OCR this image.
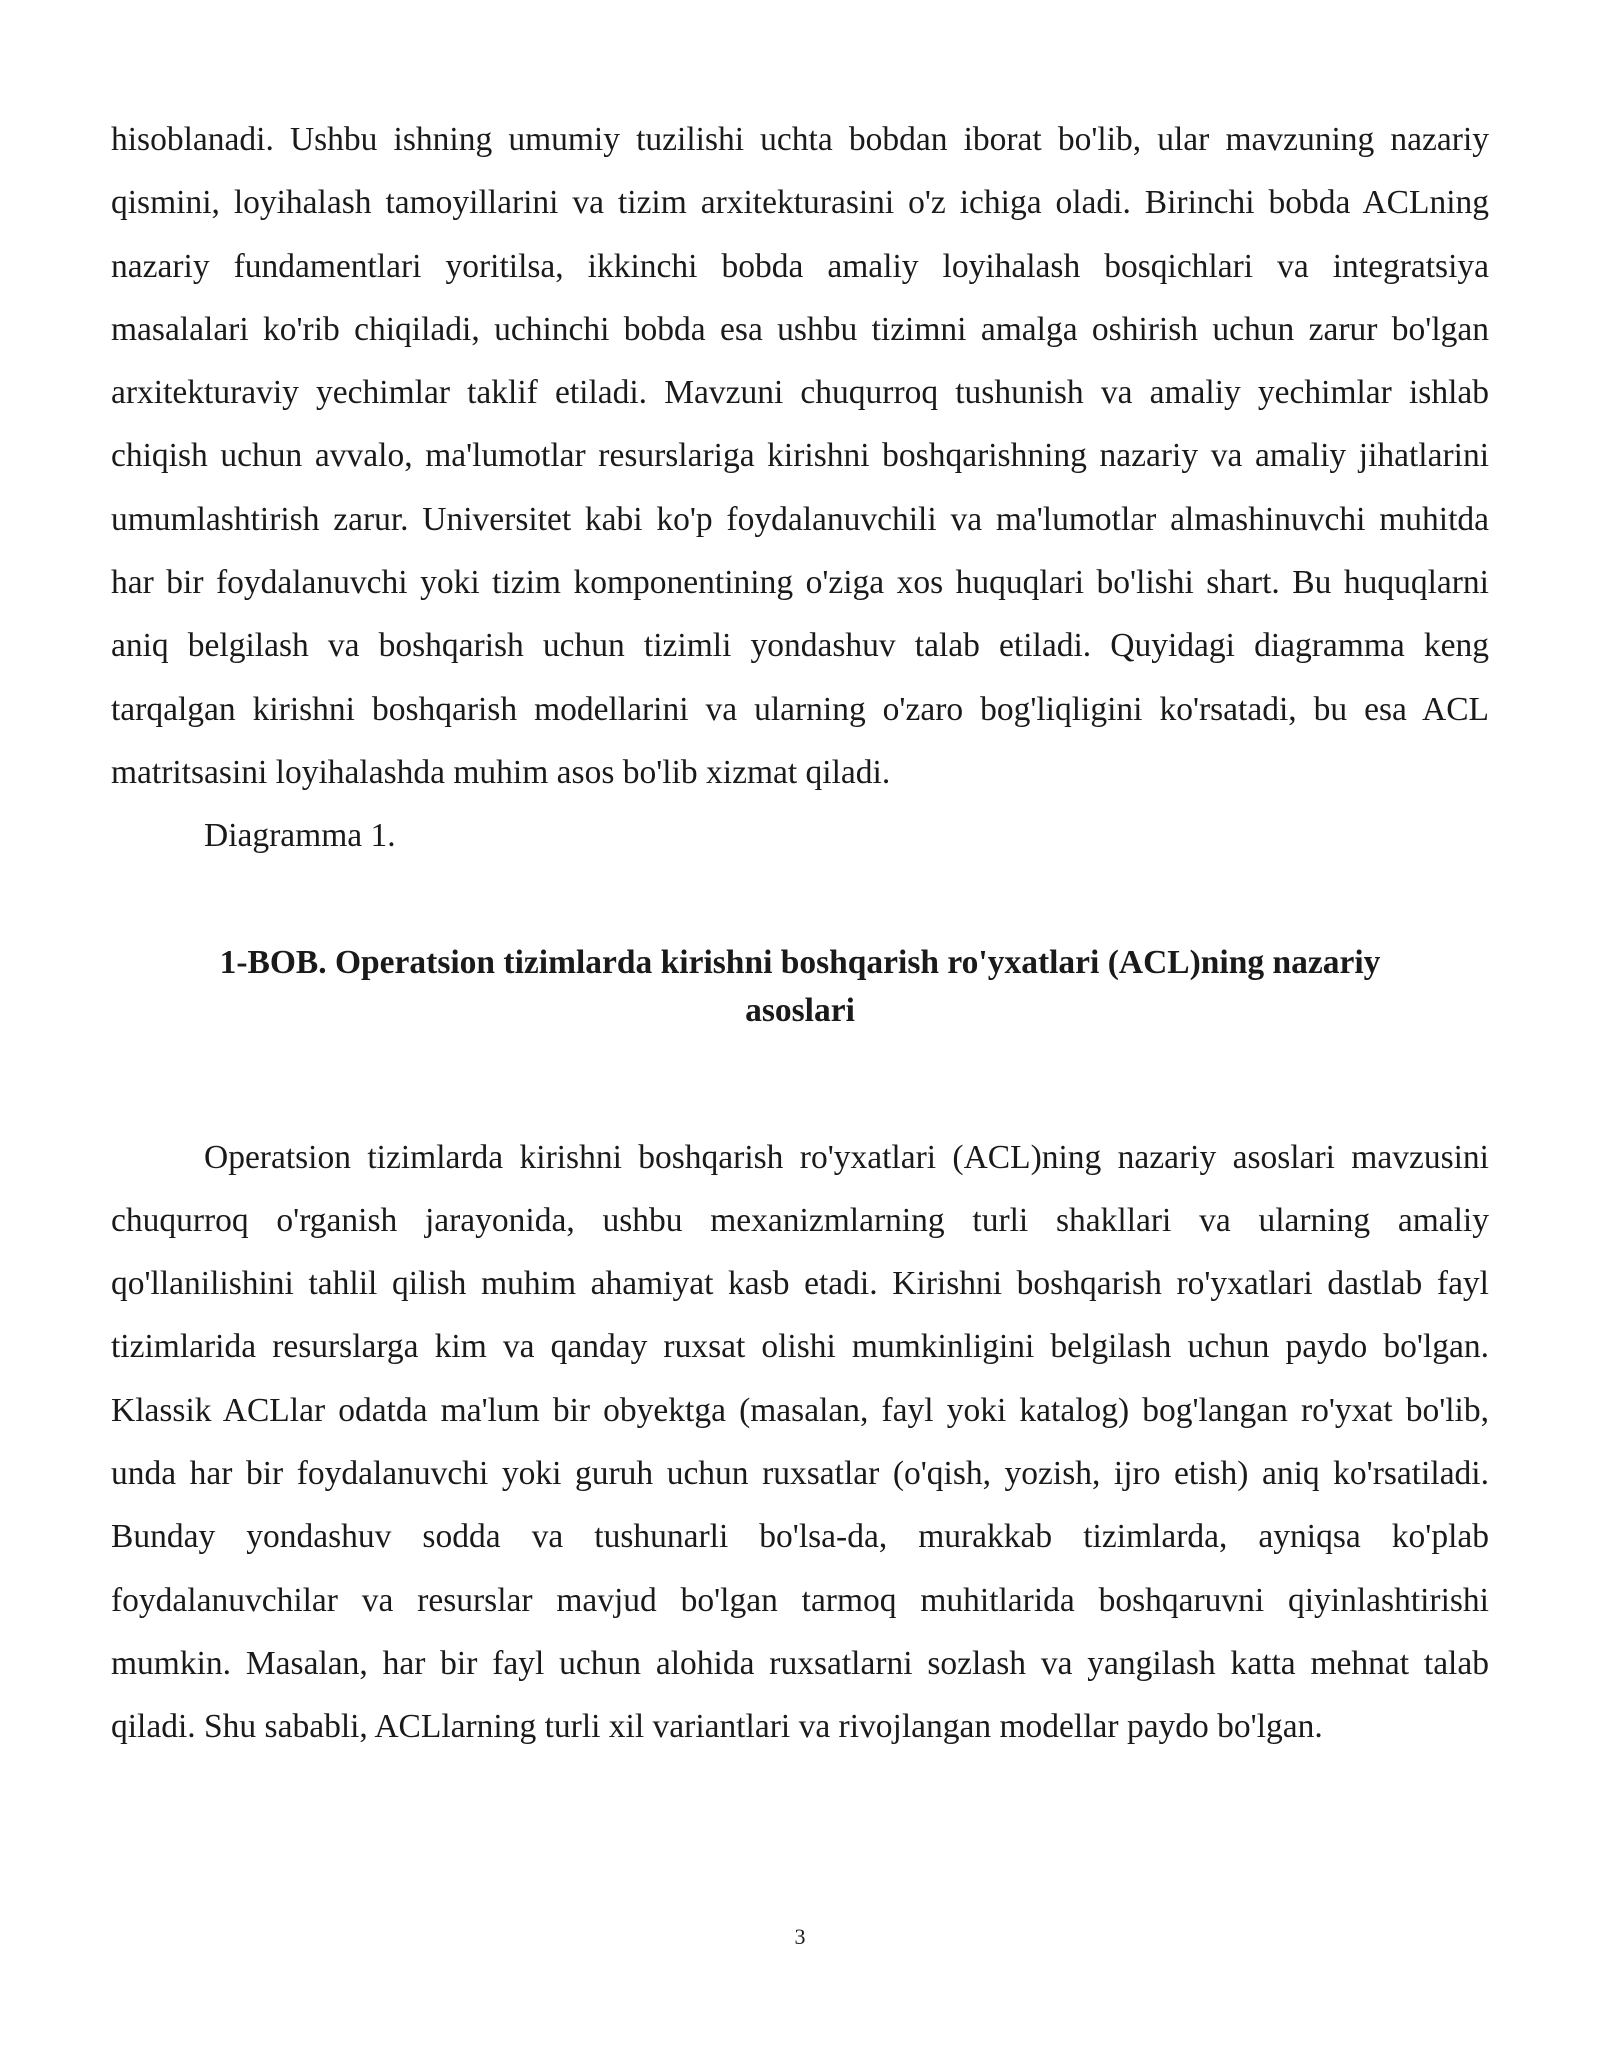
hisoblanadi. Ushbu ishning umumiy tuzilishi uchta bobdan iborat bo'lib, ular mavzuning nazariy qismini, loyihalash tamoyillarini va tizim arxitekturasini o'z ichiga oladi. Birinchi bobda ACLning nazariy fundamentlari yoritilsa, ikkinchi bobda amaliy loyihalash bosqichlari va integratsiya masalalari ko'rib chiqiladi, uchinchi bobda esa ushbu tizimni amalga oshirish uchun zarur bo'lgan arxitekturaviy yechimlar taklif etiladi. Mavzuni chuqurroq tushunish va amaliy yechimlar ishlab chiqish uchun avvalo, ma'lumotlar resurslariga kirishni boshqarishning nazariy va amaliy jihatlarini umumlashtirish zarur. Universitet kabi ko'p foydalanuvchili va ma'lumotlar almashinuvchi muhitda har bir foydalanuvchi yoki tizim komponentining o'ziga xos huquqlari bo'lishi shart. Bu huquqlarni aniq belgilash va boshqarish uchun tizimli yondashuv talab etiladi. Quyidagi diagramma keng tarqalgan kirishni boshqarish modellarini va ularning o'zaro bog'liqligini ko'rsatadi, bu esa ACL matritsasini loyihalashda muhim asos bo'lib xizmat qiladi.

Diagramma 1.

1-BOB. Operatsion tizimlarda kirishni boshqarish ro'yxatlari (ACL)ning nazariy
asoslari

Operatsion tizimlarda kirishni boshqarish ro'yxatlari (ACL)ning nazariy asoslari mavzusini chuqurroq o'rganish jarayonida, ushbu mexanizmlarning turli shakllari va ularning amaliy qo'llanilishini tahlil qilish muhim ahamiyat kasb etadi. Kirishni boshqarish ro'yxatlari dastlab fayl tizimlarida resurslarga kim va qanday ruxsat olishi mumkinligini belgilash uchun paydo bo'lgan. Klassik ACLlar odatda ma'lum bir obyektga (masalan, fayl yoki katalog) bog'langan ro'yxat bo'lib, unda har bir foydalanuvchi yoki guruh uchun ruxsatlar (o'qish, yozish, ijro etish) aniq ko'rsatiladi. Bunday yondashuv sodda va tushunarli bo'lsa-da, murakkab tizimlarda, ayniqsa ko'plab foydalanuvchilar va resurslar mavjud bo'lgan tarmoq muhitlarida boshqaruvni qiyinlashtirishi mumkin. Masalan, har bir fayl uchun alohida ruxsatlarni sozlash va yangilash katta mehnat talab qiladi. Shu sababli, ACLlarning turli xil variantlari va rivojlangan modellar paydo bo'lgan.

3
